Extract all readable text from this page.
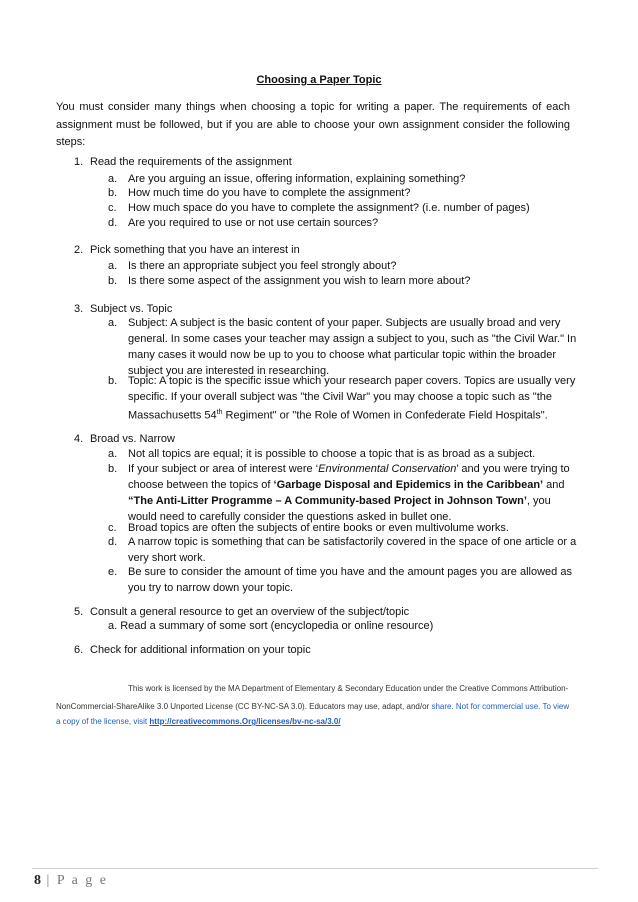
Choosing a Paper Topic
You must consider many things when choosing a topic for writing a paper. The requirements of each assignment must be followed, but if you are able to choose your own assignment consider the following steps:
1. Read the requirements of the assignment
a. Are you arguing an issue, offering information, explaining something?
b. How much time do you have to complete the assignment?
c.	How much space do you have to complete the assignment? (i.e. number of pages)
d. Are you required to use or not use certain sources?
2. Pick something that you have an interest in
a. Is there an appropriate subject you feel strongly about?
b. Is there some aspect of the assignment you wish to learn more about?
3. Subject vs. Topic
a. Subject: A subject is the basic content of your paper. Subjects are usually broad and very general. In some cases your teacher may assign a subject to you, such as "the Civil War." In many cases it would now be up to you to choose what particular topic within the broader subject you are interested in researching.
b. Topic: A topic is the specific issue which your research paper covers. Topics are usually very specific. If your overall subject was "the Civil War" you may choose a topic such as "the Massachusetts 54th Regiment" or "the Role of Women in Confederate Field Hospitals".
4. Broad vs. Narrow
a. Not all topics are equal; it is possible to choose a topic that is as broad as a subject.
b. If your subject or area of interest were ‘Environmental Conservation’ and you were trying to choose between the topics of ‘Garbage Disposal and Epidemics in the Caribbean’ and “The Anti-Litter Programme – A Community-based Project in Johnson Town’, you would need to carefully consider the questions asked in bullet one.
c.	Broad topics are often the subjects of entire books or even multivolume works.
d. A narrow topic is something that can be satisfactorily covered in the space of one article or a very short work.
e. Be sure to consider the amount of time you have and the amount pages you are allowed as you try to narrow down your topic.
5. Consult a general resource to get an overview of the subject/topic
a. Read a summary of some sort (encyclopedia or online resource)
6. Check for additional information on your topic
This work is licensed by the MA Department of Elementary & Secondary Education under the Creative Commons Attribution-
NonCommercial-ShareAlike 3.0 Unported License (CC BY-NC-SA 3.0). Educators may use, adapt, and/or share. Not for commercial use. To view
a copy of the license, visit http://creativecommons.Org/licenses/bv-nc-sa/3.0/
8 | P a g e
